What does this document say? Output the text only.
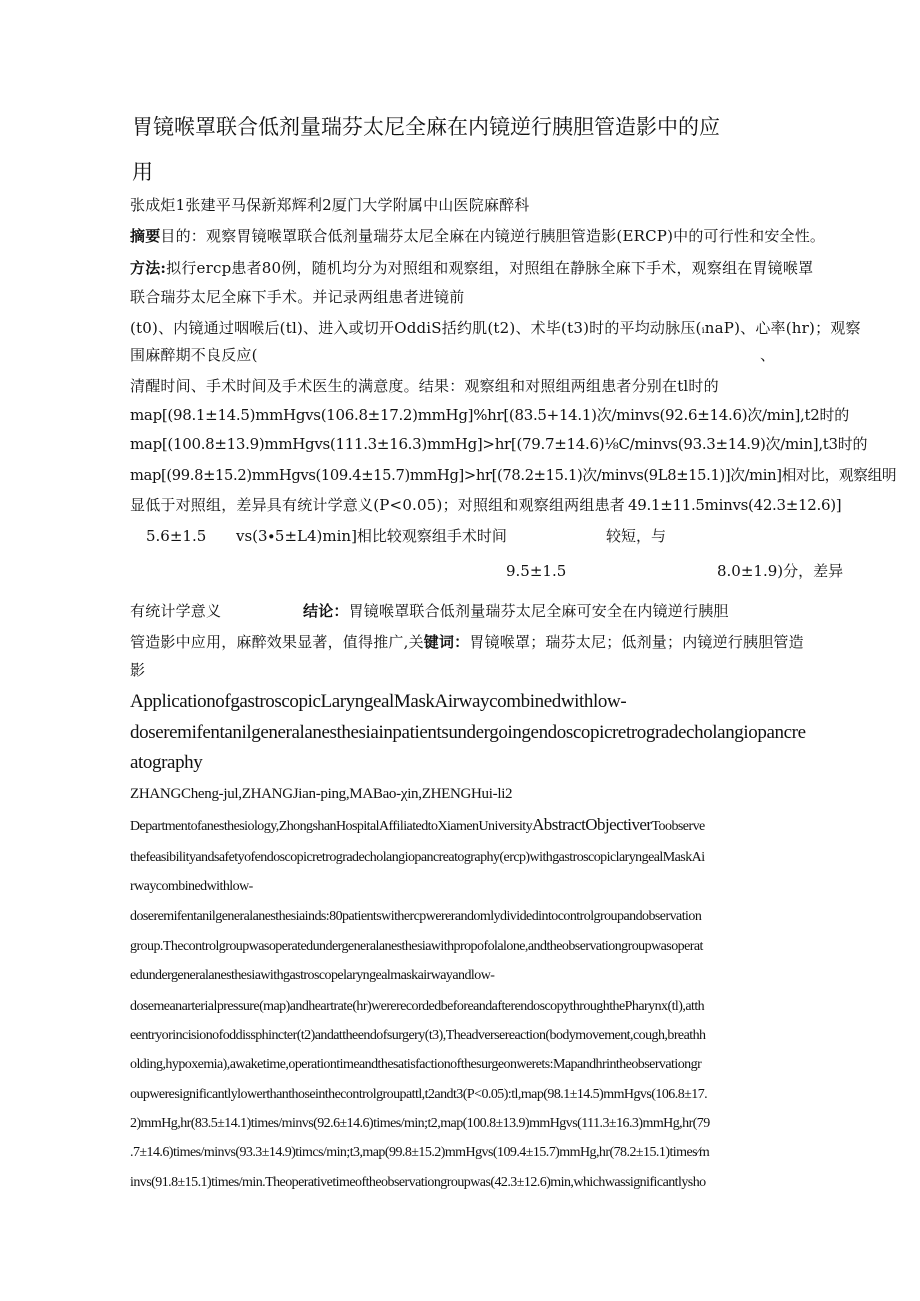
胃镜喉罩联合低剂量瑞芬太尼全麻在内镜逆行胰胆管造影中的应
用
张成炬1张建平马保新郑辉利2厦门大学附属中山医院麻醉科
摘要目的：观察胃镜喉罩联合低剂量瑞芬太尼全麻在内镜逆行胰胆管造影(ERCP)中的可行性和安全性。
方法:拟行ercp患者80例，随机均分为对照组和观察组，对照组在静脉全麻下手术，观察组在胃镜喉罩
联合瑞芬太尼全麻下手术。并记录两组患者进镜前
(t0)、内镜通过咽喉后(tl)、进入或切开OddiS括约肌(t2)、术毕(t3)时的平均动脉压(ᵢnaP)、心率(hr)；观察
围麻醉期不良反应(	、
清醒时间、手术时间及手术医生的满意度。结果：观察组和对照组两组患者分别在tl时的
map[(98.1±14.5)mmHgvs(106.8±17.2)mmHg]%hr[(83.5+14.1)次∕minvs(92.6±14.6)次∕min],t2时的
map[(100.8±13.9)mmHgvs(111.3±16.3)mmHg]>hr[(79.7±14.6)⅛C∕minvs(93.3±14.9)次∕min],t3时的
map[(99.8±15.2)mmHgvs(109.4±15.7)mmHg]>hr[(78.2±15.1)次∕minvs(9L8±15.1)]次∕min]相对比，观察组明
显低于对照组，差异具有统计学意义(P<0.05)；对照组和观察组两组患者 49.1±11.5minvs(42.3±12.6)]
5.6±1.5 vs(3∙5±L4)min]相比较观察组手术时间	较短，与
9.5±1.5	8.0±1.9)分，差异
有统计学意义	结论：胃镜喉罩联合低剂量瑞芬太尼全麻可安全在内镜逆行胰胆
管造影中应用，麻醉效果显著，值得推广,关键词：胃镜喉罩；瑞芬太尼；低剂量；内镜逆行胰胆管造
影
ApplicationofgastroscopicLaryngealMaskAirwaycombinedwithlow-
doseremifentanilgeneralanesthesiainpatientsundergoingendoscopicretrogradecholangiopancre
atography
ZHANGCheng-jul,ZHANGJian-ping,MABao-χin,ZHENGHui-li2
Departmentofanesthesiology,ZhongshanHospitalAffiliatedtoXiamenUniversityAbstractObjectiverToobserve
thefeasibilityandsafetyofendoscopicretrogradecholangiopancreatography(ercp)withgastroscopiclaryngealMaskAi
rwaycombinedwithlow-
doseremifentanilgeneralanesthesiainds:80patientswithercpwererandomlydividedintocontrolgroupandobservation
group.Thecontrolgroupwasoperatedundergeneralanesthesiawithpropofolalone,andtheobservationgroupwasoperat
edundergeneralanesthesiawithgastroscopelaryngealmaskairwayandlow-
dosemeanarterialpressure(map)andheartrate(hr)wererecordedbeforeandafterendoscopythroughthePharynx(tl),atth
eentryorincisionofoddissphincter(t2)andattheendofsurgery(t3),Theadversereaction(bodymovement,cough,breathh
olding,hypoxemia),awaketime,operationtimeandthesatisfactionofthesurgeonwerets:Mapandhrintheobservationgr
oupweresignificantlylowerthanthoseinthecontrolgroupattl,t2andt3(P<0.05):tl,map(98.1±14.5)mmHgvs(106.8±17.
2)mmHg,hr(83.5±14.1)times/minvs(92.6±14.6)times/min;t2,map(100.8±13.9)mmHgvs(111.3±16.3)mmHg,hr(79
.7±14.6)times/minvs(93.3±14.9)timcs/min;t3,map(99.8±15.2)mmHgvs(109.4±15.7)mmHg,hr(78.2±15.1)times∕m
invs(91.8±15.1)times/min.Theoperativetimeoftheobservationgroupwas(42.3±12.6)min,whichwassignificantlysho
